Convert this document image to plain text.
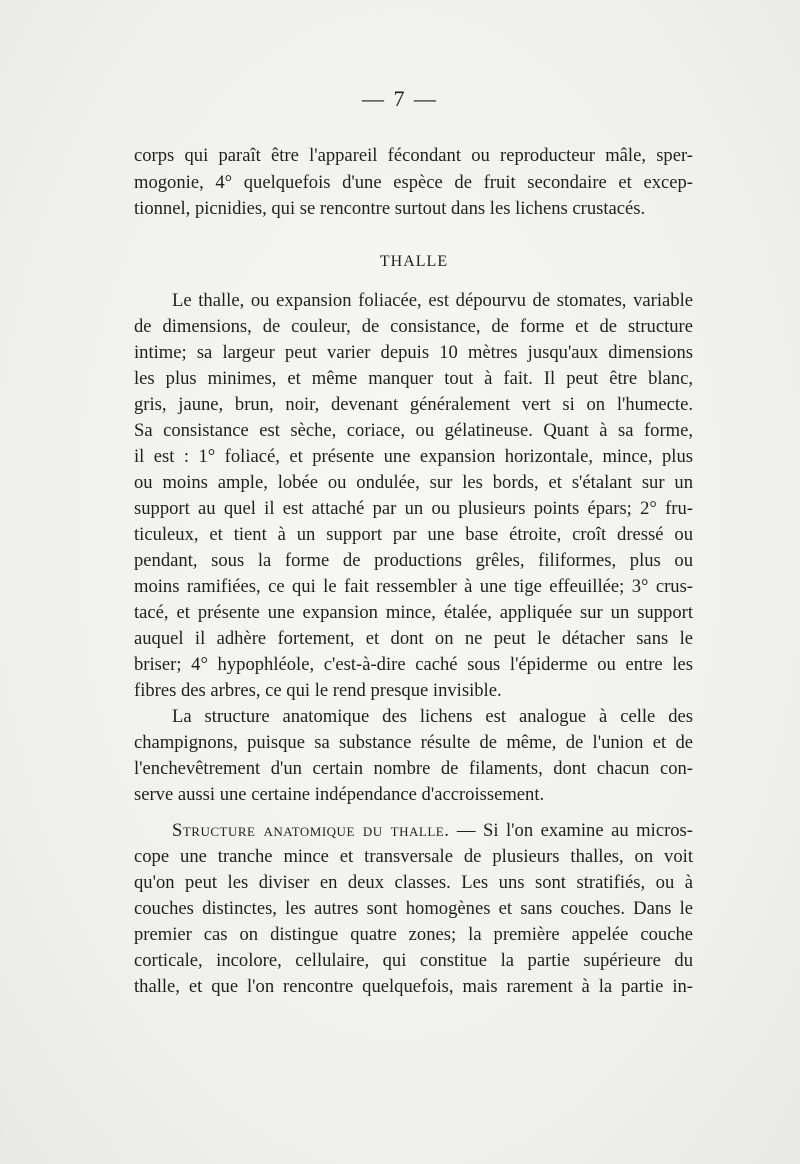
— 7 —
corps qui paraît être l'appareil fécondant ou reproducteur mâle, sper-
mogonie, 4° quelquefois d'une espèce de fruit secondaire et excep-
tionnel, picnidies, qui se rencontre surtout dans les lichens crustacés.
THALLE
Le thalle, ou expansion foliacée, est dépourvu de stomates, variable
de dimensions, de couleur, de consistance, de forme et de structure
intime; sa largeur peut varier depuis 10 mètres jusqu'aux dimensions
les plus minimes, et même manquer tout à fait. Il peut être blanc,
gris, jaune, brun, noir, devenant généralement vert si on l'humecte.
Sa consistance est sèche, coriace, ou gélatineuse. Quant à sa forme,
il est : 1° foliacé, et présente une expansion horizontale, mince, plus
ou moins ample, lobée ou ondulée, sur les bords, et s'étalant sur un
support au quel il est attaché par un ou plusieurs points épars; 2° fru-
ticuleux, et tient à un support par une base étroite, croît dressé ou
pendant, sous la forme de productions grêles, filiformes, plus ou
moins ramifiées, ce qui le fait ressembler à une tige effeuillée; 3° crus-
tacé, et présente une expansion mince, étalée, appliquée sur un support
auquel il adhère fortement, et dont on ne peut le détacher sans le
briser; 4° hypophléole, c'est-à-dire caché sous l'épiderme ou entre les
fibres des arbres, ce qui le rend presque invisible.
La structure anatomique des lichens est analogue à celle des
champignons, puisque sa substance résulte de même, de l'union et de
l'enchevêtrement d'un certain nombre de filaments, dont chacun con-
serve aussi une certaine indépendance d'accroissement.
Structure anatomique du thalle. — Si l'on examine au micros-
cope une tranche mince et transversale de plusieurs thalles, on voit
qu'on peut les diviser en deux classes. Les uns sont stratifiés, ou à
couches distinctes, les autres sont homogènes et sans couches. Dans le
premier cas on distingue quatre zones; la première appelée couche
corticale, incolore, cellulaire, qui constitue la partie supérieure du
thalle, et que l'on rencontre quelquefois, mais rarement à la partie in-
